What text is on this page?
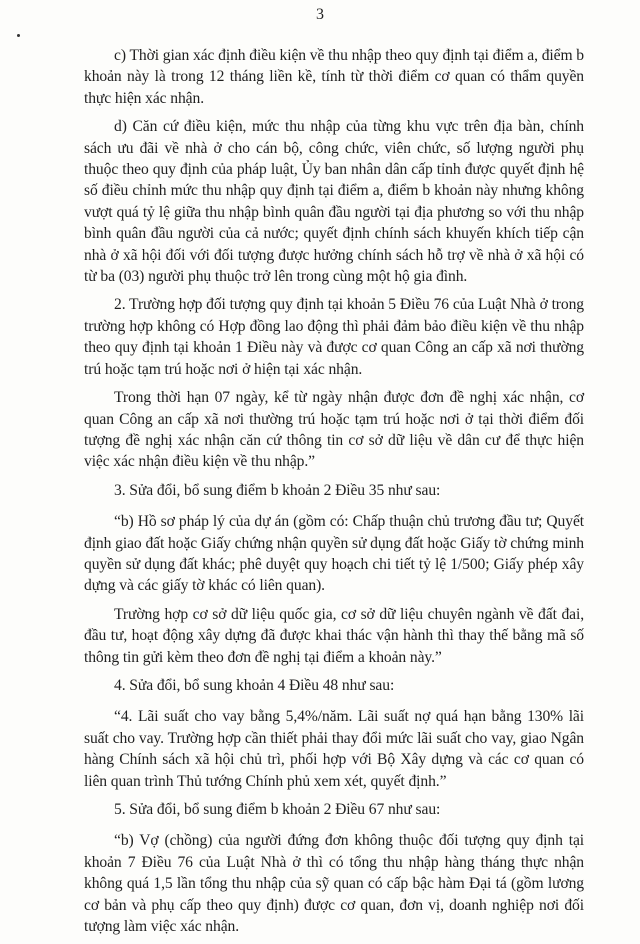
3

c) Thời gian xác định điều kiện về thu nhập theo quy định tại điểm a, điểm b khoản này là trong 12 tháng liền kề, tính từ thời điểm cơ quan có thẩm quyền thực hiện xác nhận.

d) Căn cứ điều kiện, mức thu nhập của từng khu vực trên địa bàn, chính sách ưu đãi về nhà ở cho cán bộ, công chức, viên chức, số lượng người phụ thuộc theo quy định của pháp luật, Ủy ban nhân dân cấp tỉnh được quyết định hệ số điều chỉnh mức thu nhập quy định tại điểm a, điểm b khoản này nhưng không vượt quá tỷ lệ giữa thu nhập bình quân đầu người tại địa phương so với thu nhập bình quân đầu người của cả nước; quyết định chính sách khuyến khích tiếp cận nhà ở xã hội đối với đối tượng được hưởng chính sách hỗ trợ về nhà ở xã hội có từ ba (03) người phụ thuộc trở lên trong cùng một hộ gia đình.

2. Trường hợp đối tượng quy định tại khoản 5 Điều 76 của Luật Nhà ở trong trường hợp không có Hợp đồng lao động thì phải đảm bảo điều kiện về thu nhập theo quy định tại khoản 1 Điều này và được cơ quan Công an cấp xã nơi thường trú hoặc tạm trú hoặc nơi ở hiện tại xác nhận.

Trong thời hạn 07 ngày, kể từ ngày nhận được đơn đề nghị xác nhận, cơ quan Công an cấp xã nơi thường trú hoặc tạm trú hoặc nơi ở tại thời điểm đối tượng đề nghị xác nhận căn cứ thông tin cơ sở dữ liệu về dân cư để thực hiện việc xác nhận điều kiện về thu nhập.”

3. Sửa đổi, bổ sung điểm b khoản 2 Điều 35 như sau:

“b) Hồ sơ pháp lý của dự án (gồm có: Chấp thuận chủ trương đầu tư; Quyết định giao đất hoặc Giấy chứng nhận quyền sử dụng đất hoặc Giấy tờ chứng minh quyền sử dụng đất khác; phê duyệt quy hoạch chi tiết tỷ lệ 1/500; Giấy phép xây dựng và các giấy tờ khác có liên quan).

Trường hợp cơ sở dữ liệu quốc gia, cơ sở dữ liệu chuyên ngành về đất đai, đầu tư, hoạt động xây dựng đã được khai thác vận hành thì thay thế bằng mã số thông tin gửi kèm theo đơn đề nghị tại điểm a khoản này.”

4. Sửa đổi, bổ sung khoản 4 Điều 48 như sau:

“4. Lãi suất cho vay bằng 5,4%/năm. Lãi suất nợ quá hạn bằng 130% lãi suất cho vay. Trường hợp cần thiết phải thay đổi mức lãi suất cho vay, giao Ngân hàng Chính sách xã hội chủ trì, phối hợp với Bộ Xây dựng và các cơ quan có liên quan trình Thủ tướng Chính phủ xem xét, quyết định.”

5. Sửa đổi, bổ sung điểm b khoản 2 Điều 67 như sau:

“b) Vợ (chồng) của người đứng đơn không thuộc đối tượng quy định tại khoản 7 Điều 76 của Luật Nhà ở thì có tổng thu nhập hàng tháng thực nhận không quá 1,5 lần tổng thu nhập của sỹ quan có cấp bậc hàm Đại tá (gồm lương cơ bản và phụ cấp theo quy định) được cơ quan, đơn vị, doanh nghiệp nơi đối tượng làm việc xác nhận.
